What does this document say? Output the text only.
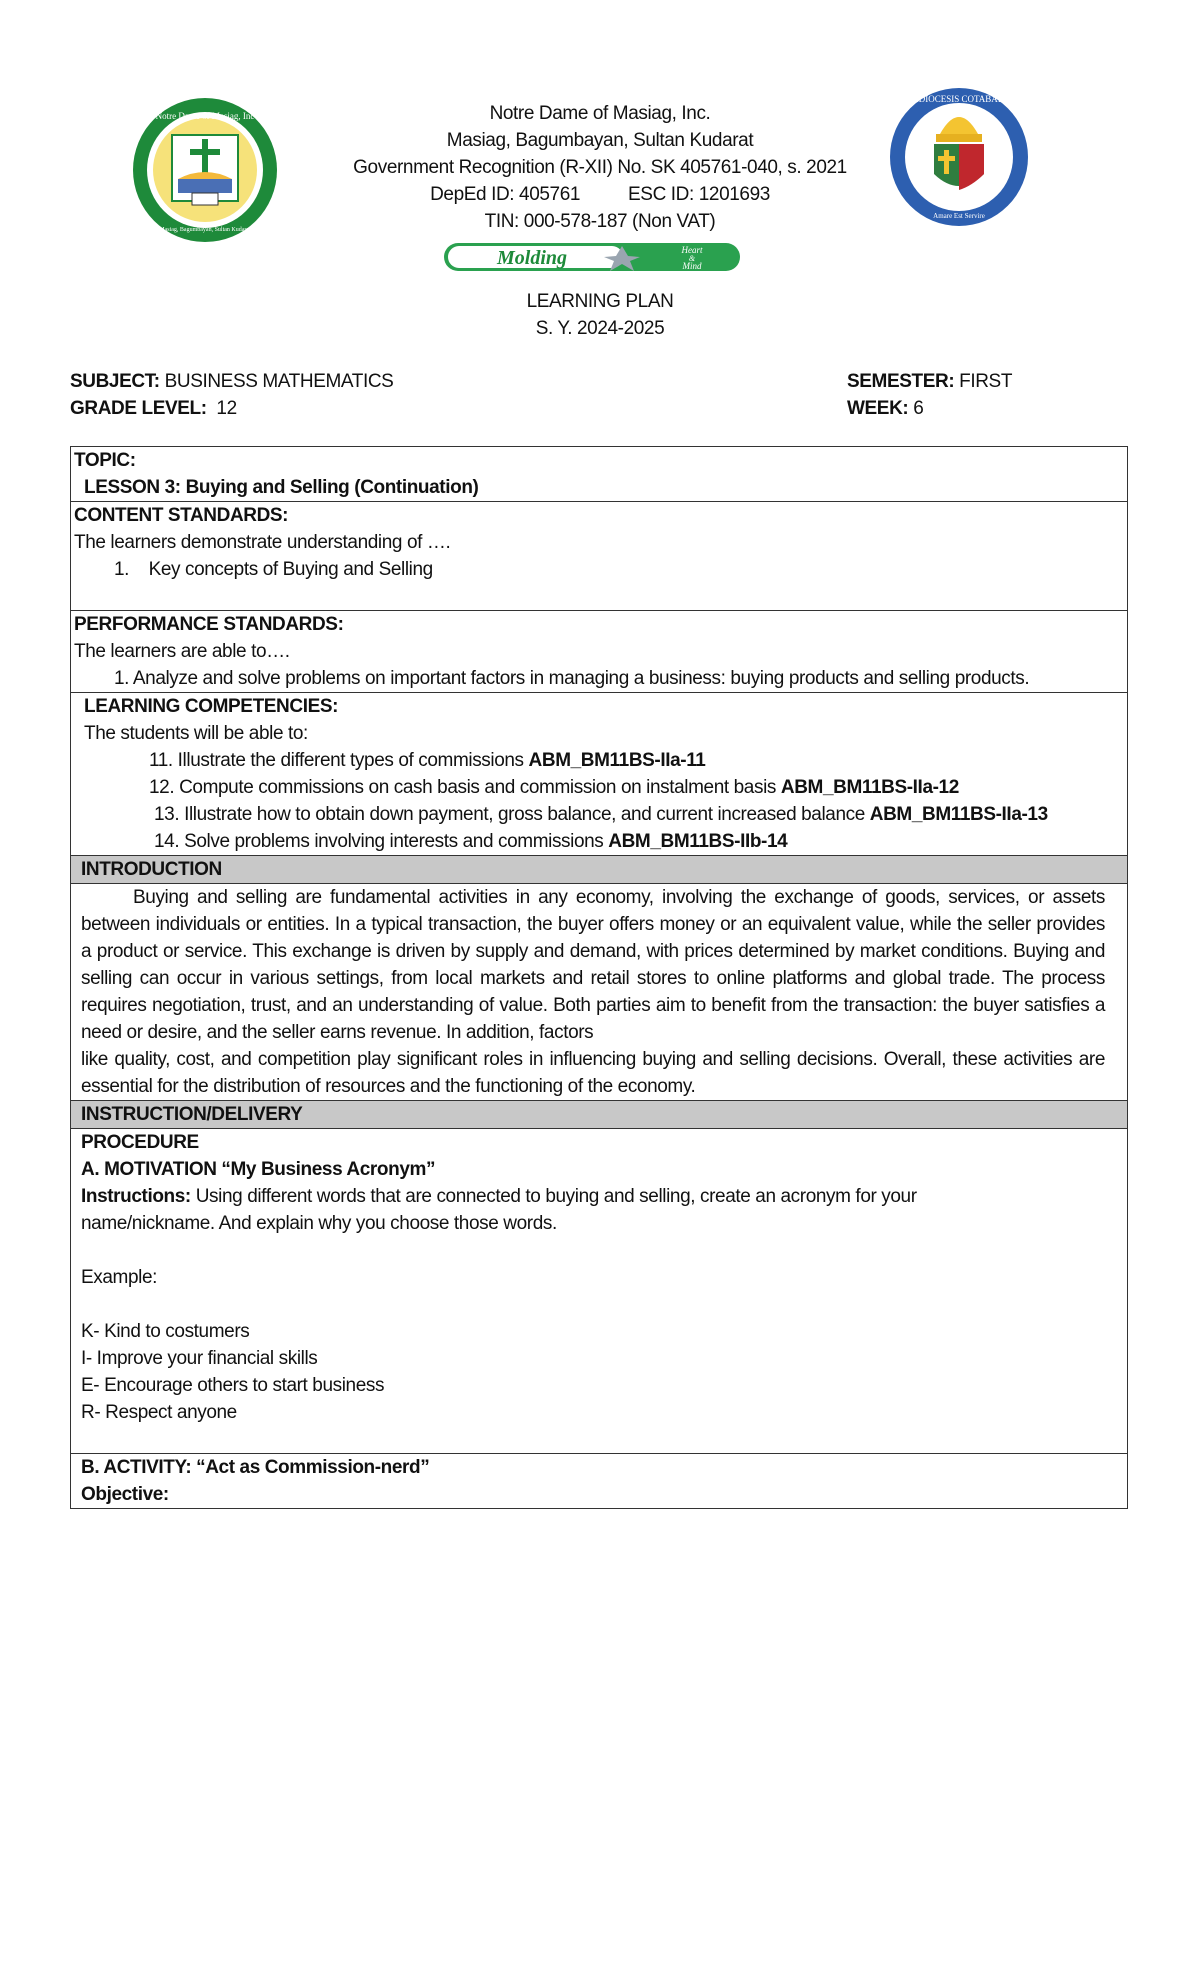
Notre Dame of Masiag, Inc
Masiag, Bagumbayan, Sultan Kudarat
ARCHIDIOCESIS COTABATENSIS
Amare Est Servire
Notre Dame of Masiag, Inc.
Masiag, Bagumbayan, Sultan Kudarat
Government Recognition (R-XII) No. SK 405761-040, s. 2021
DepEd ID: 405761	ESC ID: 1201693
TIN: 000-578-187 (Non VAT)
Molding	Heart
&
Mind
LEARNING PLAN
S. Y. 2024-2025
SUBJECT: BUSINESS MATHEMATICS
GRADE LEVEL: 12
SEMESTER: FIRST
WEEK: 6
TOPIC:
LESSON 3: Buying and Selling (Continuation)
CONTENT STANDARDS:
The learners demonstrate understanding of ….
1. Key concepts of Buying and Selling
PERFORMANCE STANDARDS:
The learners are able to….
1. Analyze and solve problems on important factors in managing a business: buying products and selling products.
LEARNING COMPETENCIES:
The students will be able to:
11. Illustrate the different types of commissions ABM_BM11BS-IIa-11
12. Compute commissions on cash basis and commission on instalment basis ABM_BM11BS-IIa-12
13. Illustrate how to obtain down payment, gross balance, and current increased balance ABM_BM11BS-IIa-13
14. Solve problems involving interests and commissions ABM_BM11BS-IIb-14
INTRODUCTION

Buying and selling are fundamental activities in any economy, involving the exchange of goods, services, or assets between individuals or entities. In a typical transaction, the buyer offers money or an equivalent value, while the seller provides a product or service. This exchange is driven by supply and demand, with prices determined by market conditions. Buying and selling can occur in various settings, from local markets and retail stores to online platforms and global trade. The process requires negotiation, trust, and an understanding of value. Both parties aim to benefit from the transaction: the buyer satisfies a need or desire, and the seller earns revenue. In addition, factors

like quality, cost, and competition play significant roles in influencing buying and selling decisions. Overall, these activities are essential for the distribution of resources and the functioning of the economy.

INSTRUCTION/DELIVERY
PROCEDURE
A. MOTIVATION “My Business Acronym”
Instructions: Using different words that are connected to buying and selling, create an acronym for your
name/nickname. And explain why you choose those words.
Example:
K- Kind to costumers
I- Improve your financial skills
E- Encourage others to start business
R- Respect anyone
B. ACTIVITY: “Act as Commission-nerd”
Objective:
